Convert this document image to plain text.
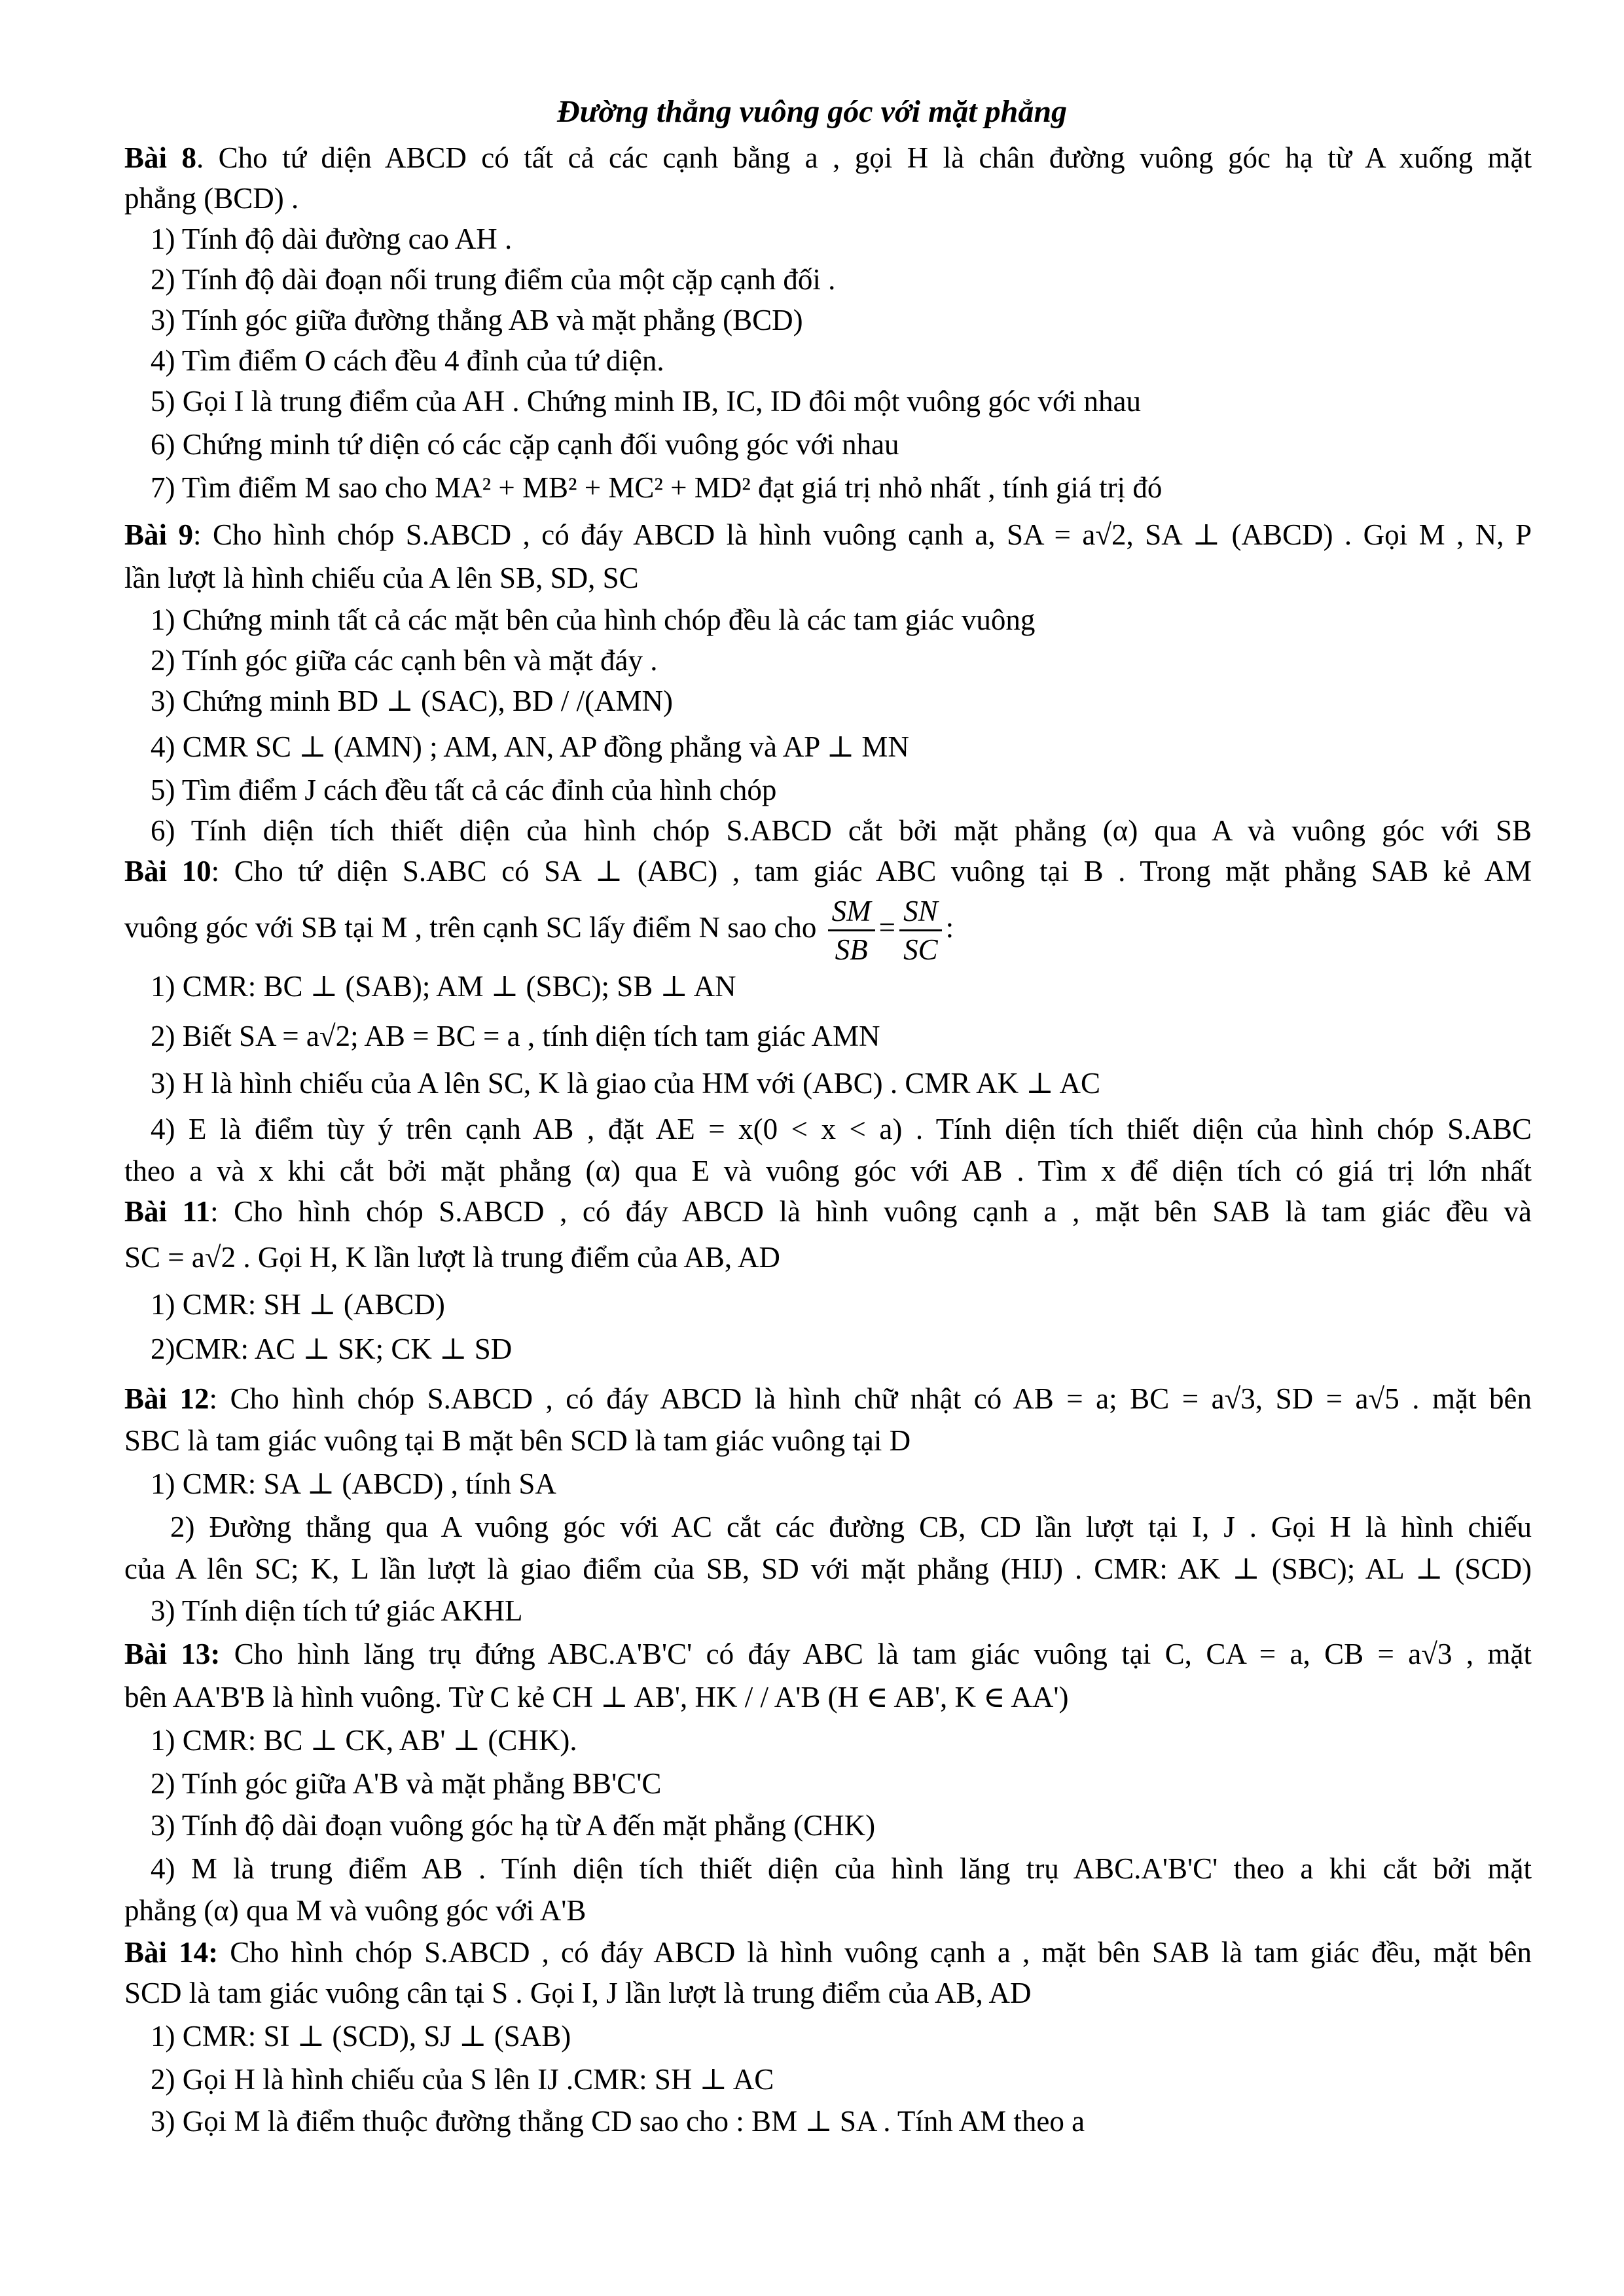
Đường thẳng vuông góc với mặt phẳng
Bài 8. Cho tứ diện ABCD có tất cả các cạnh bằng a , gọi H là chân đường vuông góc hạ từ A xuống mặt
phẳng (BCD) .
1) Tính độ dài đường cao AH .
2) Tính độ dài đoạn nối trung điểm của một cặp cạnh đối .
3) Tính góc giữa đường thẳng AB và mặt phẳng (BCD)
4) Tìm điểm O cách đều 4 đỉnh của tứ diện.
5) Gọi I là trung điểm của AH . Chứng minh IB, IC, ID đôi một vuông góc với nhau
6) Chứng minh tứ diện có các cặp cạnh đối vuông góc với nhau
7) Tìm điểm M sao cho MA² + MB² + MC² + MD² đạt giá trị nhỏ nhất , tính giá trị đó
Bài 9: Cho hình chóp S.ABCD , có đáy ABCD là hình vuông cạnh a, SA = a√2, SA ⊥ (ABCD) . Gọi M , N, P
lần lượt là hình chiếu của A lên SB, SD, SC
1) Chứng minh tất cả các mặt bên của hình chóp đều là các tam giác vuông
2) Tính góc giữa các cạnh bên và mặt đáy .
3) Chứng minh BD ⊥ (SAC), BD / /(AMN)
4) CMR SC ⊥ (AMN) ; AM, AN, AP đồng phẳng và AP ⊥ MN
5) Tìm điểm J cách đều tất cả các đỉnh của hình chóp
6) Tính diện tích thiết diện của hình chóp S.ABCD cắt bởi mặt phẳng (α) qua A và vuông góc với SB
Bài 10: Cho tứ diện S.ABC có SA ⊥ (ABC) , tam giác ABC vuông tại B . Trong mặt phẳng SAB kẻ AM
vuông góc với SB tại M , trên cạnh SC lấy điểm N sao cho $\frac{SM}{SB} = \frac{SN}{SC}$ :
1) CMR: BC ⊥ (SAB); AM ⊥ (SBC); SB ⊥ AN
2) Biết SA = a√2; AB = BC = a , tính diện tích tam giác AMN
3) H là hình chiếu của A lên SC, K là giao của HM với (ABC) . CMR AK ⊥ AC
4) E là điểm tùy ý trên cạnh AB , đặt AE = x(0 < x < a) . Tính diện tích thiết diện của hình chóp S.ABC
theo a và x khi cắt bởi mặt phẳng (α) qua E và vuông góc với AB . Tìm x để diện tích có giá trị lớn nhất
Bài 11: Cho hình chóp S.ABCD , có đáy ABCD là hình vuông cạnh a , mặt bên SAB là tam giác đều và
SC = a√2 . Gọi H, K lần lượt là trung điểm của AB, AD
1) CMR: SH ⊥ (ABCD)
2)CMR: AC ⊥ SK; CK ⊥ SD
Bài 12: Cho hình chóp S.ABCD , có đáy ABCD là hình chữ nhật có AB = a; BC = a√3, SD = a√5 . mặt bên
SBC là tam giác vuông tại B mặt bên SCD là tam giác vuông tại D
1) CMR: SA ⊥ (ABCD) , tính SA
2) Đường thẳng qua A vuông góc với AC cắt các đường CB, CD lần lượt tại I, J . Gọi H là hình chiếu
của A lên SC; K, L lần lượt là giao điểm của SB, SD với mặt phẳng (HIJ) . CMR: AK ⊥ (SBC); AL ⊥ (SCD)
3) Tính diện tích tứ giác AKHL
Bài 13: Cho hình lăng trụ đứng ABC.A'B'C' có đáy ABC là tam giác vuông tại C, CA = a, CB = a√3 , mặt
bên AA'B'B là hình vuông. Từ C kẻ CH ⊥ AB', HK / / A'B (H ∈ AB', K ∈ AA')
1) CMR: BC ⊥ CK, AB' ⊥ (CHK).
2) Tính góc giữa A'B và mặt phẳng BB'C'C
3) Tính độ dài đoạn vuông góc hạ từ A đến mặt phẳng (CHK)
4) M là trung điểm AB . Tính diện tích thiết diện của hình lăng trụ ABC.A'B'C' theo a khi cắt bởi mặt
phẳng (α) qua M và vuông góc với A'B
Bài 14: Cho hình chóp S.ABCD , có đáy ABCD là hình vuông cạnh a , mặt bên SAB là tam giác đều, mặt bên
SCD là tam giác vuông cân tại S . Gọi I, J lần lượt là trung điểm của AB, AD
1) CMR: SI ⊥ (SCD), SJ ⊥ (SAB)
2) Gọi H là hình chiếu của S lên IJ .CMR: SH ⊥ AC
3) Gọi M là điểm thuộc đường thẳng CD sao cho : BM ⊥ SA . Tính AM theo a
